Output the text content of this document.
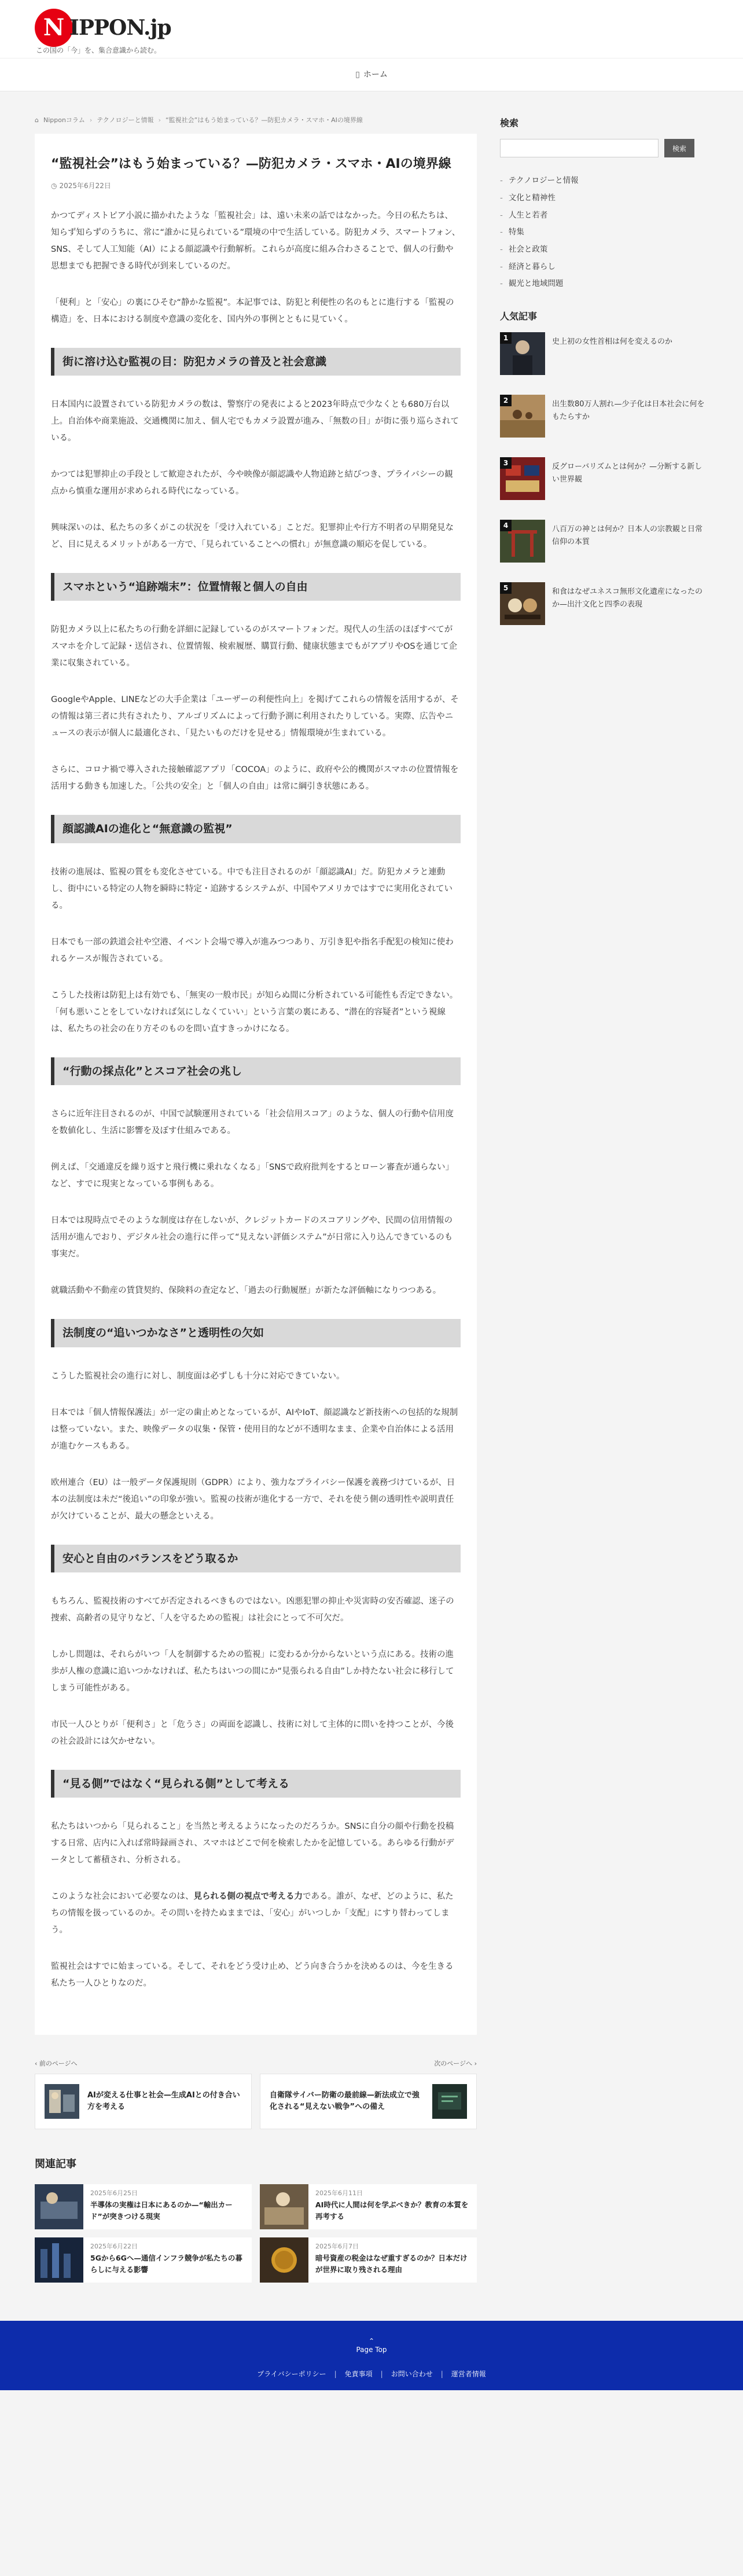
N IPPON.jp
この国の「今」を、集合意識から読む。
▯ ホーム
⌂ Nipponコラム › テクノロジーと情報 › “監視社会”はもう始まっている？—防犯カメラ・スマホ・AIの境界線
“監視社会”はもう始まっている？—防犯カメラ・スマホ・AIの境界線
◷ 2025年6月22日

かつてディストピア小説に描かれたような「監視社会」は、遠い未来の話ではなかった。今日の私たちは、知らず知らずのうちに、常に“誰かに見られている”環境の中で生活している。防犯カメラ、スマートフォン、SNS、そして人工知能（AI）による顔認識や行動解析。これらが高度に組み合わさることで、個人の行動や思想までも把握できる時代が到来しているのだ。

「便利」と「安心」の裏にひそむ“静かな監視”。本記事では、防犯と利便性の名のもとに進行する「監視の構造」を、日本における制度や意識の変化を、国内外の事例とともに見ていく。

街に溶け込む監視の目：防犯カメラの普及と社会意識

日本国内に設置されている防犯カメラの数は、警察庁の発表によると2023年時点で少なくとも680万台以上。自治体や商業施設、交通機関に加え、個人宅でもカメラ設置が進み、「無数の目」が街に張り巡らされている。

かつては犯罪抑止の手段として歓迎されたが、今や映像が顔認識や人物追跡と結びつき、プライバシーの観点から慎重な運用が求められる時代になっている。

興味深いのは、私たちの多くがこの状況を「受け入れている」ことだ。犯罪抑止や行方不明者の早期発見など、目に見えるメリットがある一方で、「見られていることへの慣れ」が無意識の順応を促している。

スマホという“追跡端末”：位置情報と個人の自由

防犯カメラ以上に私たちの行動を詳細に記録しているのがスマートフォンだ。現代人の生活のほぼすべてがスマホを介して記録・送信され、位置情報、検索履歴、購買行動、健康状態までもがアプリやOSを通じて企業に収集されている。

GoogleやApple、LINEなどの大手企業は「ユーザーの利便性向上」を掲げてこれらの情報を活用するが、その情報は第三者に共有されたり、アルゴリズムによって行動予測に利用されたりしている。実際、広告やニュースの表示が個人に最適化され、「見たいものだけを見せる」情報環境が生まれている。

さらに、コロナ禍で導入された接触確認アプリ「COCOA」のように、政府や公的機関がスマホの位置情報を活用する動きも加速した。「公共の安全」と「個人の自由」は常に綱引き状態にある。

顔認識AIの進化と“無意識の監視”

技術の進展は、監視の質をも変化させている。中でも注目されるのが「顔認識AI」だ。防犯カメラと連動し、街中にいる特定の人物を瞬時に特定・追跡するシステムが、中国やアメリカではすでに実用化されている。

日本でも一部の鉄道会社や空港、イベント会場で導入が進みつつあり、万引き犯や指名手配犯の検知に使われるケースが報告されている。

こうした技術は防犯上は有効でも、「無実の一般市民」が知らぬ間に分析されている可能性も否定できない。「何も悪いことをしていなければ気にしなくていい」という言葉の裏にある、“潜在的容疑者”という視線は、私たちの社会の在り方そのものを問い直すきっかけになる。

“行動の採点化”とスコア社会の兆し

さらに近年注目されるのが、中国で試験運用されている「社会信用スコア」のような、個人の行動や信用度を数値化し、生活に影響を及ぼす仕組みである。

例えば、「交通違反を繰り返すと飛行機に乗れなくなる」「SNSで政府批判をするとローン審査が通らない」など、すでに現実となっている事例もある。

日本では現時点でそのような制度は存在しないが、クレジットカードのスコアリングや、民間の信用情報の活用が進んでおり、デジタル社会の進行に伴って“見えない評価システム”が日常に入り込んできているのも事実だ。

就職活動や不動産の賃貸契約、保険料の査定など、「過去の行動履歴」が新たな評価軸になりつつある。

法制度の“追いつかなさ”と透明性の欠如

こうした監視社会の進行に対し、制度面は必ずしも十分に対応できていない。

日本では「個人情報保護法」が一定の歯止めとなっているが、AIやIoT、顔認識など新技術への包括的な規制は整っていない。また、映像データの収集・保管・使用目的などが不透明なまま、企業や自治体による活用が進むケースもある。

欧州連合（EU）は一般データ保護規則（GDPR）により、強力なプライバシー保護を義務づけているが、日本の法制度は未だ“後追い”の印象が強い。監視の技術が進化する一方で、それを使う側の透明性や説明責任が欠けていることが、最大の懸念といえる。

安心と自由のバランスをどう取るか

もちろん、監視技術のすべてが否定されるべきものではない。凶悪犯罪の抑止や災害時の安否確認、迷子の捜索、高齢者の見守りなど、「人を守るための監視」は社会にとって不可欠だ。

しかし問題は、それらがいつ「人を制御するための監視」に変わるか分からないという点にある。技術の進歩が人権の意識に追いつかなければ、私たちはいつの間にか“見張られる自由”しか持たない社会に移行してしまう可能性がある。

市民一人ひとりが「便利さ」と「危うさ」の両面を認識し、技術に対して主体的に問いを持つことが、今後の社会設計には欠かせない。

“見る側”ではなく“見られる側”として考える

私たちはいつから「見られること」を当然と考えるようになったのだろうか。SNSに自分の顔や行動を投稿する日常、店内に入れば常時録画され、スマホはどこで何を検索したかを記憶している。あらゆる行動がデータとして蓄積され、分析される。

このような社会において必要なのは、見られる側の視点で考える力である。誰が、なぜ、どのように、私たちの情報を扱っているのか。その問いを持たぬままでは、「安心」がいつしか「支配」にすり替わってしまう。

監視社会はすでに始まっている。そして、それをどう受け止め、どう向き合うかを決めるのは、今を生きる私たち一人ひとりなのだ。

‹ 前のページへ
AIが変える仕事と社会—生成AIとの付き合い方を考える
次のページへ ›
自衛隊サイバー防衛の最前線—新法成立で強化される“見えない戦争”への備え
関連記事
2025年6月25日
半導体の実権は日本にあるのか—“輸出カード”が突きつける現実
2025年6月11日
AI時代に人間は何を学ぶべきか？教育の本質を再考する
2025年6月22日
5Gから6Gへ—通信インフラ競争が私たちの暮らしに与える影響
2025年6月7日
暗号資産の税金はなぜ重すぎるのか？日本だけが世界に取り残される理由
検索
検索
- テクノロジーと情報
- 文化と精神性
- 人生と若者
- 特集
- 社会と政策
- 経済と暮らし
- 観光と地域問題
人気記事
1	史上初の女性首相は何を変えるのか
2	出生数80万人割れ—少子化は日本社会に何をもたらすか
3	反グローバリズムとは何か？—分断する新しい世界観
4	八百万の神とは何か？日本人の宗教観と日常信仰の本質
5	和食はなぜユネスコ無形文化遺産になったのか—出汁文化と四季の表現
⌃
Page Top
プライバシーポリシー | 免責事項 | お問い合わせ | 運営者情報
